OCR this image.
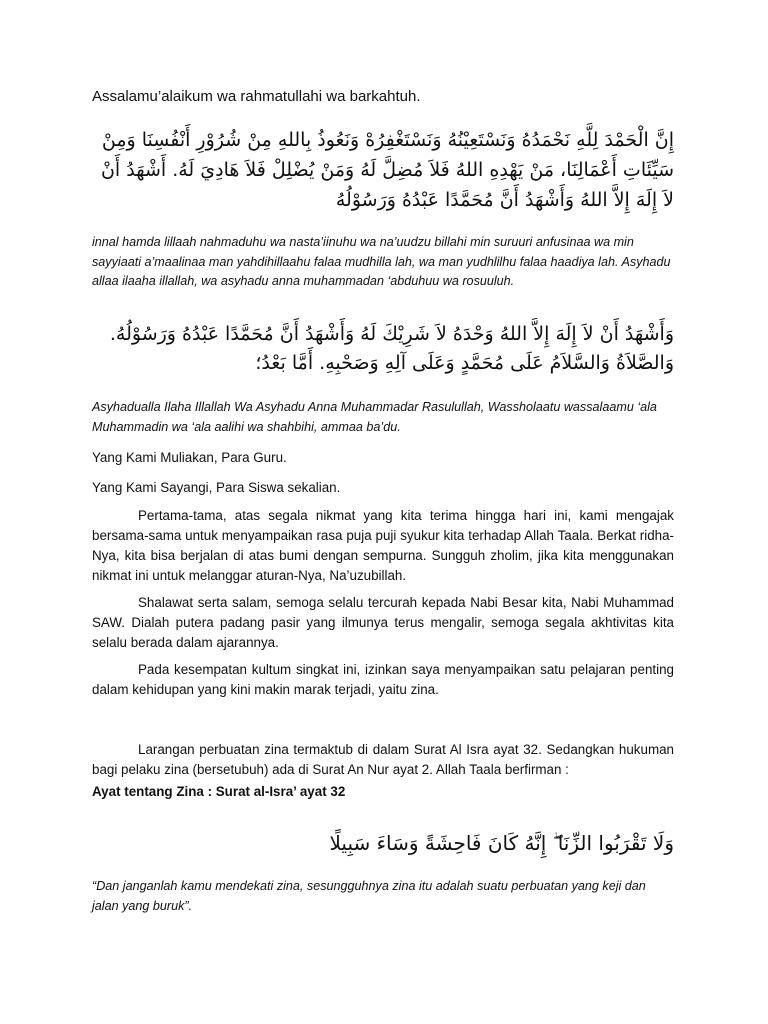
Assalamu’alaikum wa rahmatullahi wa barkahtuh.
إِنَّ الْحَمْدَ لِلَّهِ نَحْمَدُهُ وَنَسْتَعِيْنُهُ وَنَسْتَغْفِرُهْ وَنَعُوذُ بِاللهِ مِنْ شُرُوْرِ أَنْفُسِنَا وَمِنْ سَيِّئَاتِ أَعْمَالِنَا، مَنْ يَهْدِهِ اللهُ فَلاَ مُضِلَّ لَهُ وَمَنْ يُضْلِلْ فَلاَ هَادِيَ لَهُ. أَشْهَدُ أَنْ لاَ إِلَهَ إِلاَّ اللهُ وَأَشْهَدُ أَنَّ مُحَمَّدًا عَبْدُهُ وَرَسُوْلُهُ
innal hamda lillaah nahmaduhu wa nasta’iinuhu wa na’uudzu billahi min suruuri anfusinaa wa min sayyiaati a’maalinaa man yahdihillaahu falaa mudhilla lah, wa man yudhlilhu falaa haadiya lah. Asyhadu allaa ilaaha illallah, wa asyhadu anna muhammadan ‘abduhuu wa rosuuluh.
وَأَشْهَدُ أَنْ لاَ إِلَهَ إِلاَّ اللهُ وَحْدَهُ لاَ شَرِيْكَ لَهُ وَأَشْهَدُ أَنَّ مُحَمَّدًا عَبْدُهُ وَرَسُوْلُهُ. وَالصَّلاَةُ وَالسَّلاَمُ عَلَى مُحَمَّدٍ وَعَلَى آلِهِ وَصَحْبِهِ. أَمَّا بَعْدُ؛
Asyhadualla Ilaha Illallah Wa Asyhadu Anna Muhammadar Rasulullah, Wassholaatu wassalaamu ‘ala Muhammadin wa ‘ala aalihi wa shahbihi, ammaa ba’du.
Yang Kami Muliakan, Para Guru.
Yang Kami Sayangi, Para Siswa sekalian.
Pertama-tama, atas segala nikmat yang kita terima hingga hari ini, kami mengajak bersama-sama untuk menyampaikan rasa puja puji syukur kita terhadap Allah Taala. Berkat ridha-Nya, kita bisa berjalan di atas bumi dengan sempurna. Sungguh zholim, jika kita menggunakan nikmat ini untuk melanggar aturan-Nya, Na’uzubillah.
Shalawat serta salam, semoga selalu tercurah kepada Nabi Besar kita, Nabi Muhammad SAW. Dialah putera padang pasir yang ilmunya terus mengalir, semoga segala akhtivitas kita selalu berada dalam ajarannya.
Pada kesempatan kultum singkat ini, izinkan saya menyampaikan satu pelajaran penting dalam kehidupan yang kini makin marak terjadi, yaitu zina.
Larangan perbuatan zina termaktub di dalam Surat Al Isra ayat 32. Sedangkan hukuman bagi pelaku zina (bersetubuh) ada di Surat An Nur ayat 2. Allah Taala berfirman :
Ayat tentang Zina : Surat al-Isra’ ayat 32
وَلَا تَقْرَبُوا الزِّنَا ۖ إِنَّهُ كَانَ فَاحِشَةً وَسَاءَ سَبِيلًا
“Dan janganlah kamu mendekati zina, sesungguhnya zina itu adalah suatu perbuatan yang keji dan jalan yang buruk”.
